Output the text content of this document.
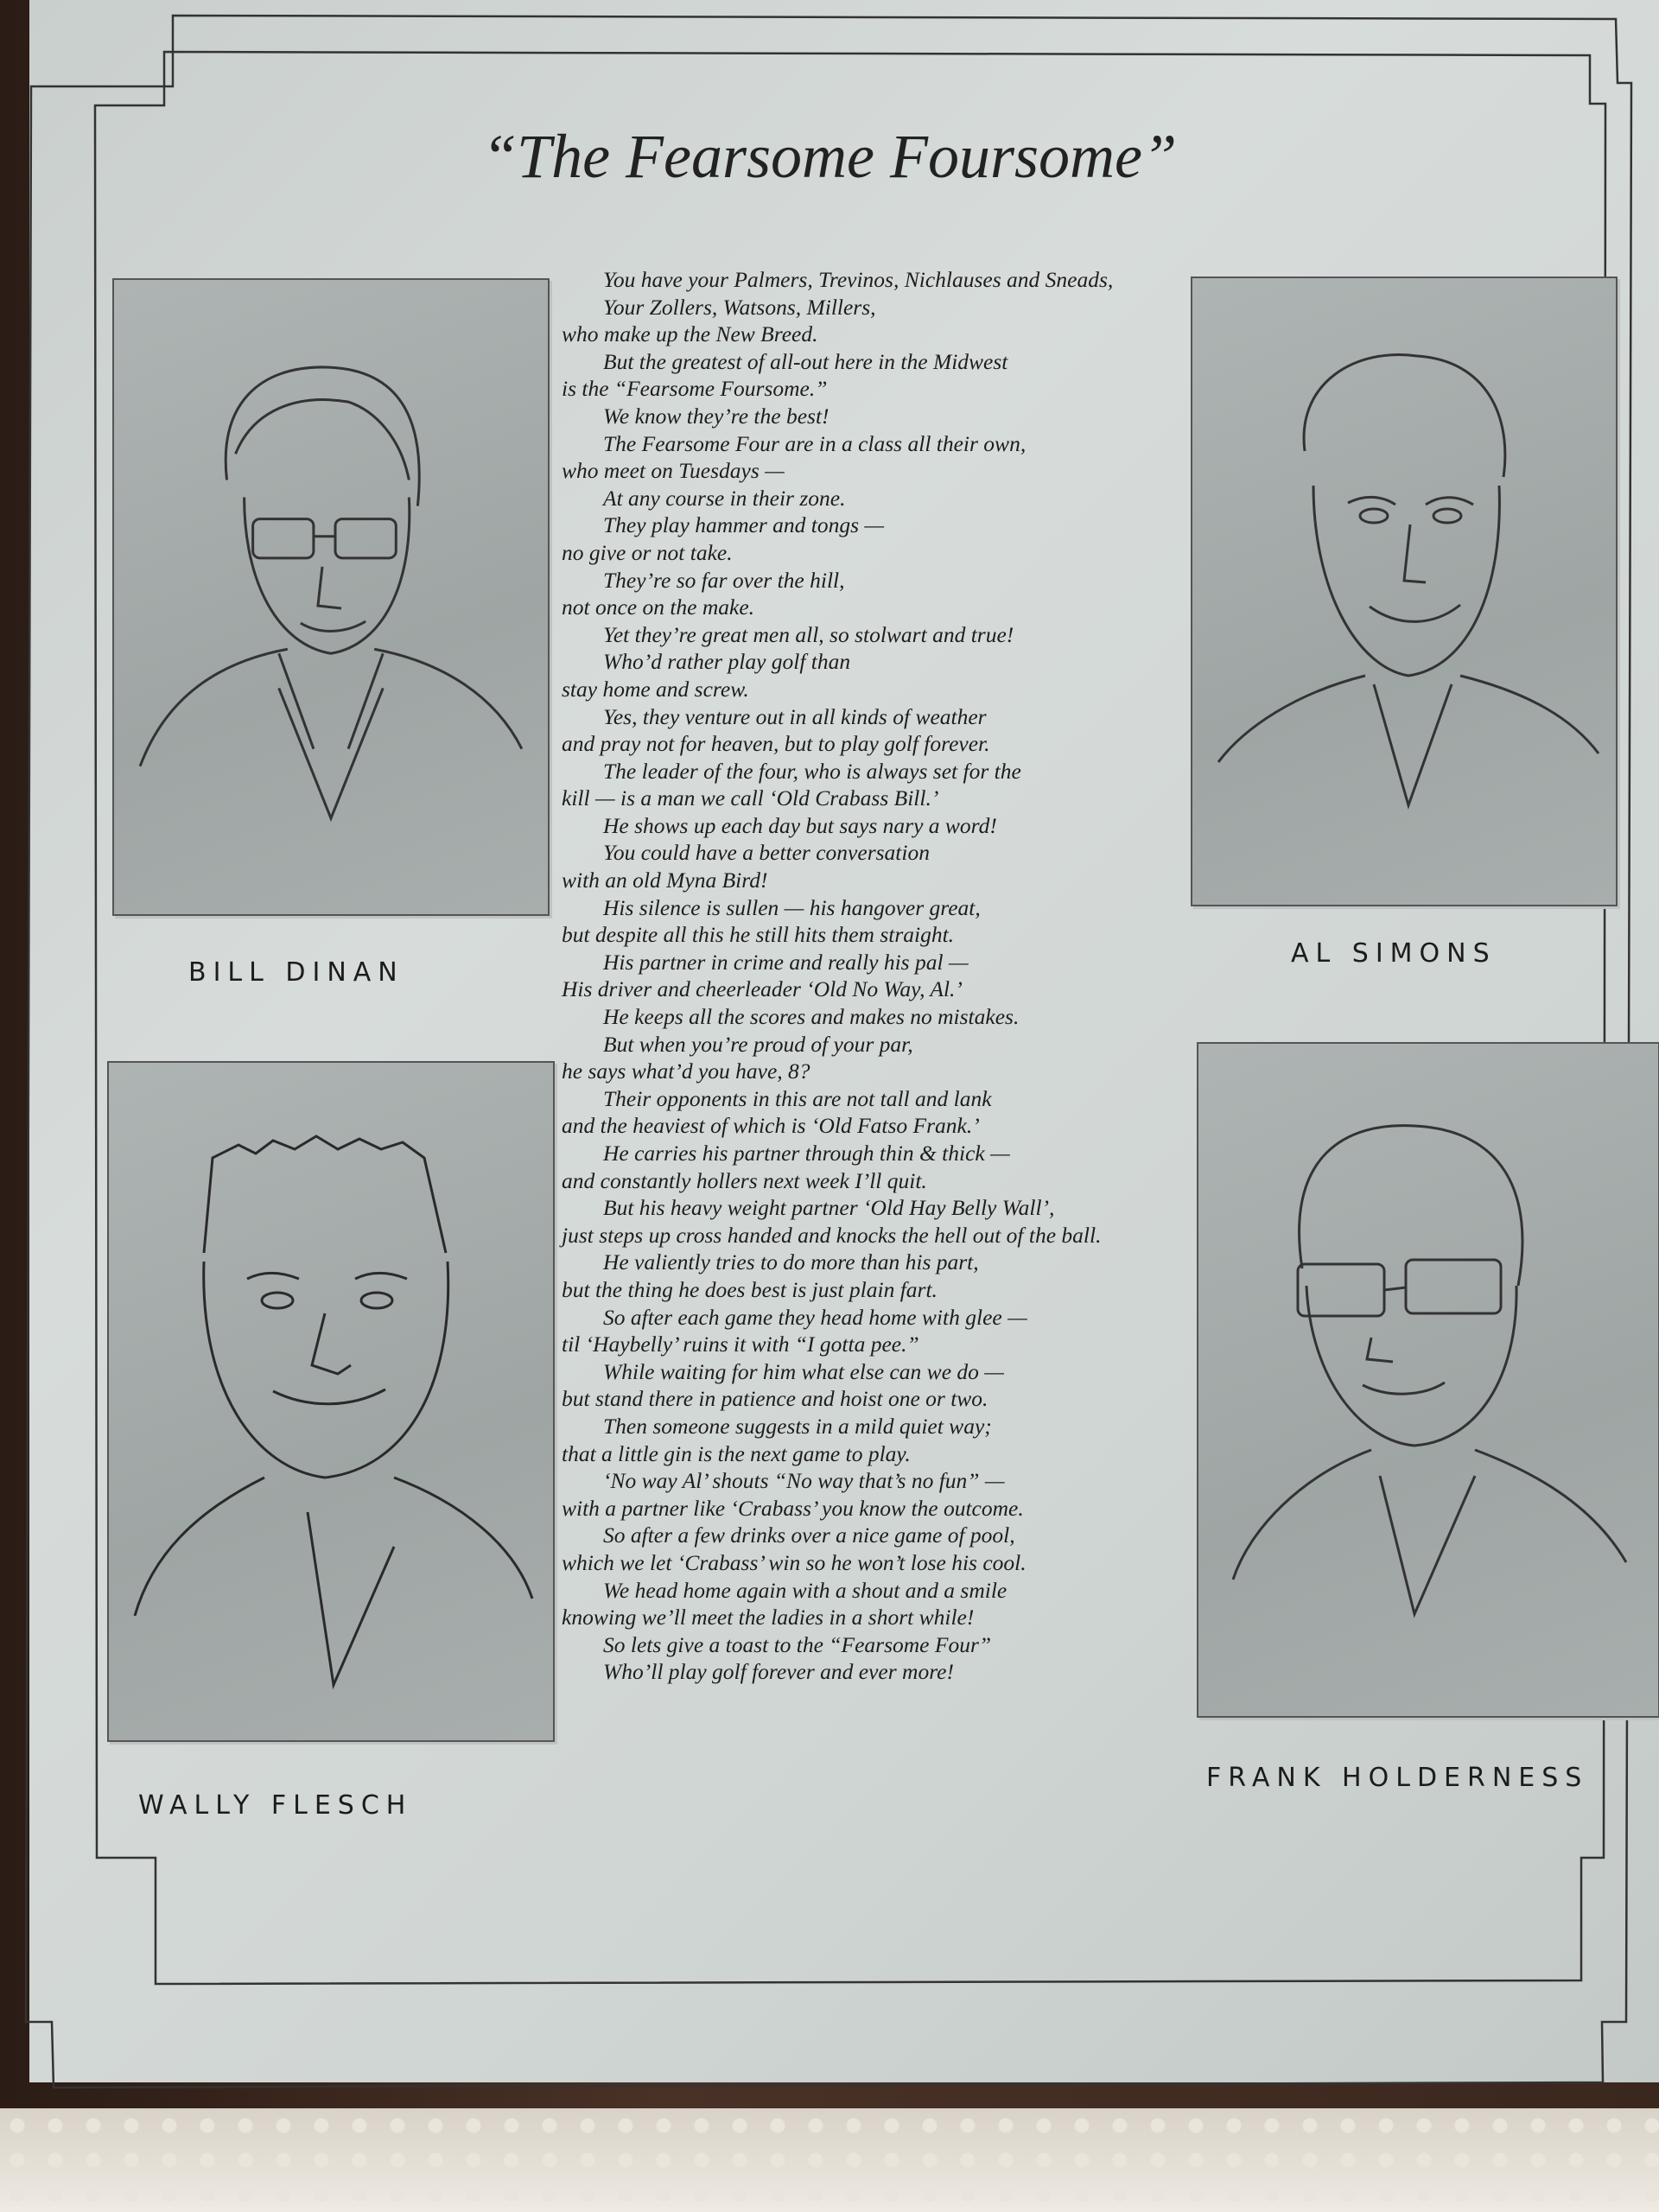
“The Fearsome Foursome”
BILL DINAN
AL SIMONS
WALLY FLESCH
FRANK HOLDERNESS
You have your Palmers, Trevinos, Nichlauses and Sneads,
Your Zollers, Watsons, Millers,
who make up the New Breed.
But the greatest of all-out here in the Midwest
is the “Fearsome Foursome.”
We know they’re the best!
The Fearsome Four are in a class all their own,
who meet on Tuesdays —
At any course in their zone.
They play hammer and tongs —
no give or not take.
They’re so far over the hill,
not once on the make.
Yet they’re great men all, so stolwart and true!
Who’d rather play golf than
stay home and screw.
Yes, they venture out in all kinds of weather
and pray not for heaven, but to play golf forever.
The leader of the four, who is always set for the
kill — is a man we call ‘Old Crabass Bill.’
He shows up each day but says nary a word!
You could have a better conversation
with an old Myna Bird!
His silence is sullen — his hangover great,
but despite all this he still hits them straight.
His partner in crime and really his pal —
His driver and cheerleader ‘Old No Way, Al.’
He keeps all the scores and makes no mistakes.
But when you’re proud of your par,
he says what’d you have, 8?
Their opponents in this are not tall and lank
and the heaviest of which is ‘Old Fatso Frank.’
He carries his partner through thin & thick —
and constantly hollers next week I’ll quit.
But his heavy weight partner ‘Old Hay Belly Wall’,
just steps up cross handed and knocks the hell out of the ball.
He valiently tries to do more than his part,
but the thing he does best is just plain fart.
So after each game they head home with glee —
til ‘Haybelly’ ruins it with “I gotta pee.”
While waiting for him what else can we do —
but stand there in patience and hoist one or two.
Then someone suggests in a mild quiet way;
that a little gin is the next game to play.
‘No way Al’ shouts “No way that’s no fun” —
with a partner like ‘Crabass’ you know the outcome.
So after a few drinks over a nice game of pool,
which we let ‘Crabass’ win so he won’t lose his cool.
We head home again with a shout and a smile
knowing we’ll meet the ladies in a short while!
So lets give a toast to the “Fearsome Four”
Who’ll play golf forever and ever more!
